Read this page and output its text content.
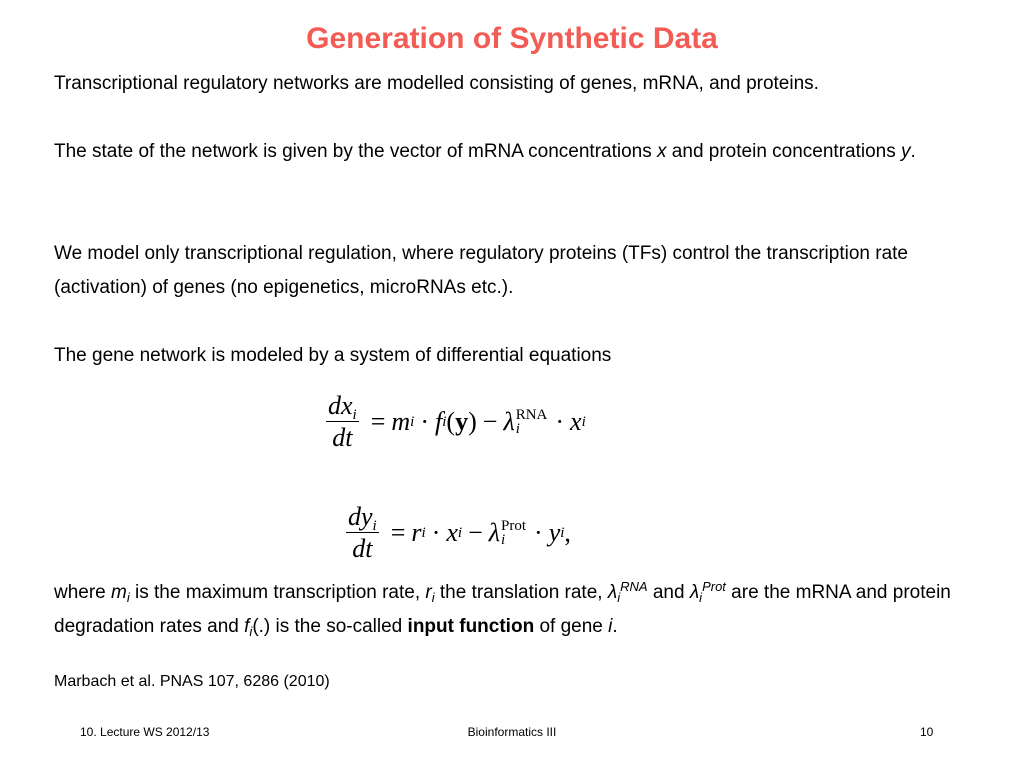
Generation of Synthetic Data

Transcriptional regulatory networks are modelled consisting of genes, mRNA, and proteins.

The state of the network is given by the vector of mRNA concentrations x and protein concentrations y.

We model only transcriptional regulation, where regulatory proteins (TFs) control the transcription rate (activation) of genes (no epigenetics, microRNAs etc.).

The gene network is modeled by a system of differential equations

$\frac{dx_i}{dt} = m$ i · f i ( y ) − λ RNA
i	· x i
$\frac{dy_i}{dt} = r$ i · x i − λ Prot
i	· y i ,

where $m_i$ is the maximum transcription rate, $r_i$ the translation rate, $\lambda_i^{RNA}$ and $\lambda_i^{Prot}$ are the mRNA and protein degradation rates and $f_i(.)$ is the so-called input function of gene i.

Marbach et al. PNAS 107, 6286 (2010)

10. Lecture WS 2012/13	Bioinformatics III	10
